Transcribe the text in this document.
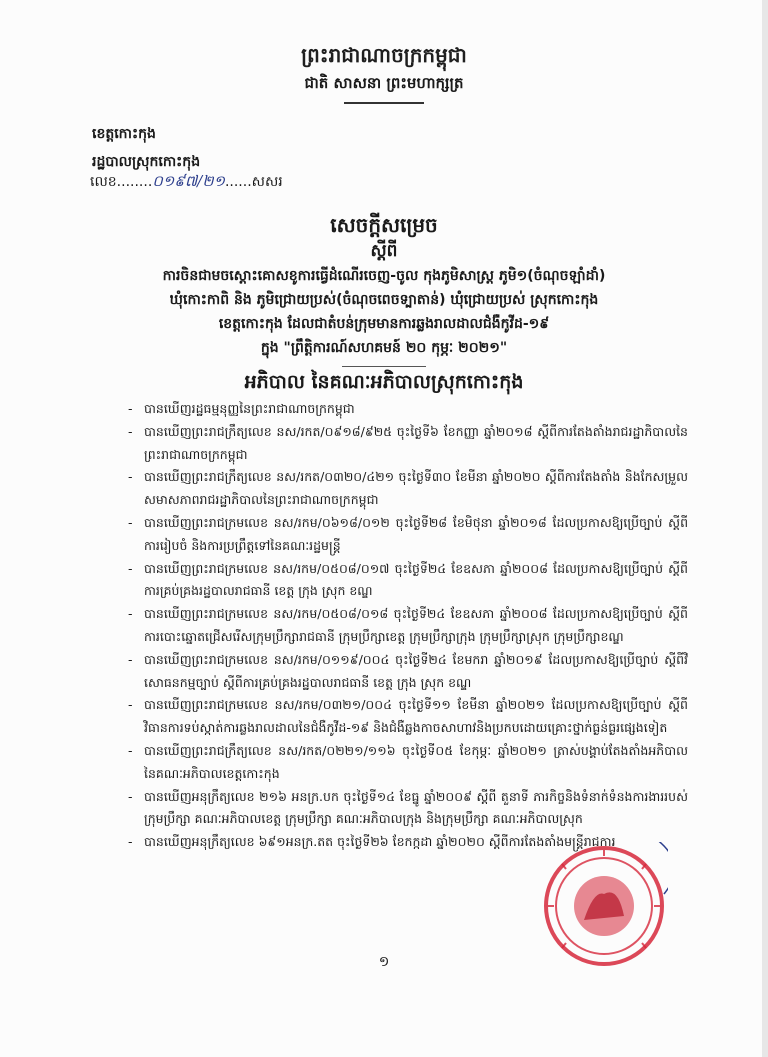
ព្រះរាជាណាចក្រកម្ពុជា
ជាតិ សាសនា ព្រះមហាក្សត្រ
ខេត្តកោះកុង
រដ្ឋបាលស្រុកកោះកុង
លេខ........០១៩៧/២១......សសរ
សេចក្ដីសម្រេច
ស្ដីពី
ការចិនជាមចស្ដោះគោសខូការធ្វើដំណើរចេញ-ចូល កុងភូមិសាស្ត្រ ភូមិ១(ចំណុចឡាំដាំ)
ឃុំកោះកាពិ និង ភូមិជ្រោយប្រស់(ចំណុចពេចទ្បាតាន់) ឃុំជ្រោយប្រស់ ស្រុកកោះកុង
ខេត្តកោះកុង ដែលជាតំបន់ក្រុមមានការឆ្លងរាលដាលជំងឺកូវីដ-១៩
ក្នុង "ព្រឹត្តិការណ៍សហគមន៍ ២០ កុម្ភៈ ២០២១"
អភិបាល នៃគណៈអភិបាលស្រុកកោះកុង
- បានឃើញរដ្ឋធម្មនុញ្ញនៃព្រះរាជាណាចក្រកម្ពុជា
- បានឃើញព្រះរាជក្រឹត្យលេខ នស/រកត/០៩១៨/៩២៥ ចុះថ្ងៃទី៦ ខែកញ្ញា ឆ្នាំ២០១៨ ស្តីពីការតែងតាំងរាជរដ្ឋាភិបាលនៃព្រះរាជាណាចក្រកម្ពុជា
- បានឃើញព្រះរាជក្រឹត្យលេខ នស/រកត/០៣២០/៤២១ ចុះថ្ងៃទី៣០ ខែមីនា ឆ្នាំ២០២០ ស្តីពីការតែងតាំង និងកែសម្រួលសមាសភាពរាជរដ្ឋាភិបាលនៃព្រះរាជាណាចក្រកម្ពុជា
- បានឃើញព្រះរាជក្រមលេខ នស/រកម/០៦១៨/០១២ ចុះថ្ងៃទី២៨ ខែមិថុនា ឆ្នាំ២០១៨ ដែលប្រកាសឱ្យប្រើច្បាប់ ស្ដីពីការរៀបចំ និងការប្រព្រឹត្តទៅនៃគណៈរដ្ឋមន្ត្រី
- បានឃើញព្រះរាជក្រមលេខ នស/រកម/០៥០៨/០១៧ ចុះថ្ងៃទី២៤ ខែឧសភា ឆ្នាំ២០០៨ ដែលប្រកាសឱ្យប្រើច្បាប់ ស្ដីពីការគ្រប់គ្រងរដ្ឋបាលរាជធានី ខេត្ត ក្រុង ស្រុក ខណ្ឌ
- បានឃើញព្រះរាជក្រមលេខ នស/រកម/០៥០៨/០១៨ ចុះថ្ងៃទី២៤ ខែឧសភា ឆ្នាំ២០០៨ ដែលប្រកាសឱ្យប្រើច្បាប់ ស្ដីពីការបោះឆ្នោតជ្រើសរើសក្រុមប្រឹក្សារាជធានី ក្រុមប្រឹក្សាខេត្ត ក្រុមប្រឹក្សាក្រុង ក្រុមប្រឹក្សាស្រុក ក្រុមប្រឹក្សាខណ្ឌ
- បានឃើញព្រះរាជក្រមលេខ នស/រកម/០១១៩/០០៤ ចុះថ្ងៃទី២៤ ខែមករា ឆ្នាំ២០១៩ ដែលប្រកាសឱ្យប្រើច្បាប់ ស្ដីពីវិសោធនកម្មច្បាប់ ស្ដីពីការគ្រប់គ្រងរដ្ឋបាលរាជធានី ខេត្ត ក្រុង ស្រុក ខណ្ឌ
- បានឃើញព្រះរាជក្រមលេខ នស/រកម/០៣២១/០០៤ ចុះថ្ងៃទី១១ ខែមីនា ឆ្នាំ២០២១ ដែលប្រកាសឱ្យប្រើច្បាប់ ស្ដីពីវិធានការទប់ស្កាត់ការឆ្លងរាលដាលនៃជំងឺកូវីដ-១៩ និងជំងឺឆ្លងកាចសាហាវនិងប្រកបដោយគ្រោះថ្នាក់ធ្ងន់ធ្ងរផ្សេងទៀត
- បានឃើញព្រះរាជក្រឹត្យលេខ នស/រកត/០២២១/១១៦ ចុះថ្ងៃទី០៥ ខែកុម្ភៈ ឆ្នាំ២០២១ ត្រាស់បង្គាប់តែងតាំងអភិបាល នៃគណៈអភិបាលខេត្តកោះកុង
- បានឃើញអនុក្រឹត្យលេខ ២១៦ អនក្រ.បក ចុះថ្ងៃទី១៤ ខែធ្នូ ឆ្នាំ២០០៩ ស្ដីពី តួនាទី ភារកិច្ចនិងទំនាក់ទំនងការងាររបស់ក្រុមប្រឹក្សា គណៈអភិបាលខេត្ត ក្រុមប្រឹក្សា គណៈអភិបាលក្រុង និងក្រុមប្រឹក្សា គណៈអភិបាលស្រុក
- បានឃើញអនុក្រឹត្យលេខ ៦៩១អនក្រ.តត ចុះថ្ងៃទី២៦ ខែកក្កដា ឆ្នាំ២០២០ ស្ដីពីការតែងតាំងមន្ត្រីរាជការ
១
